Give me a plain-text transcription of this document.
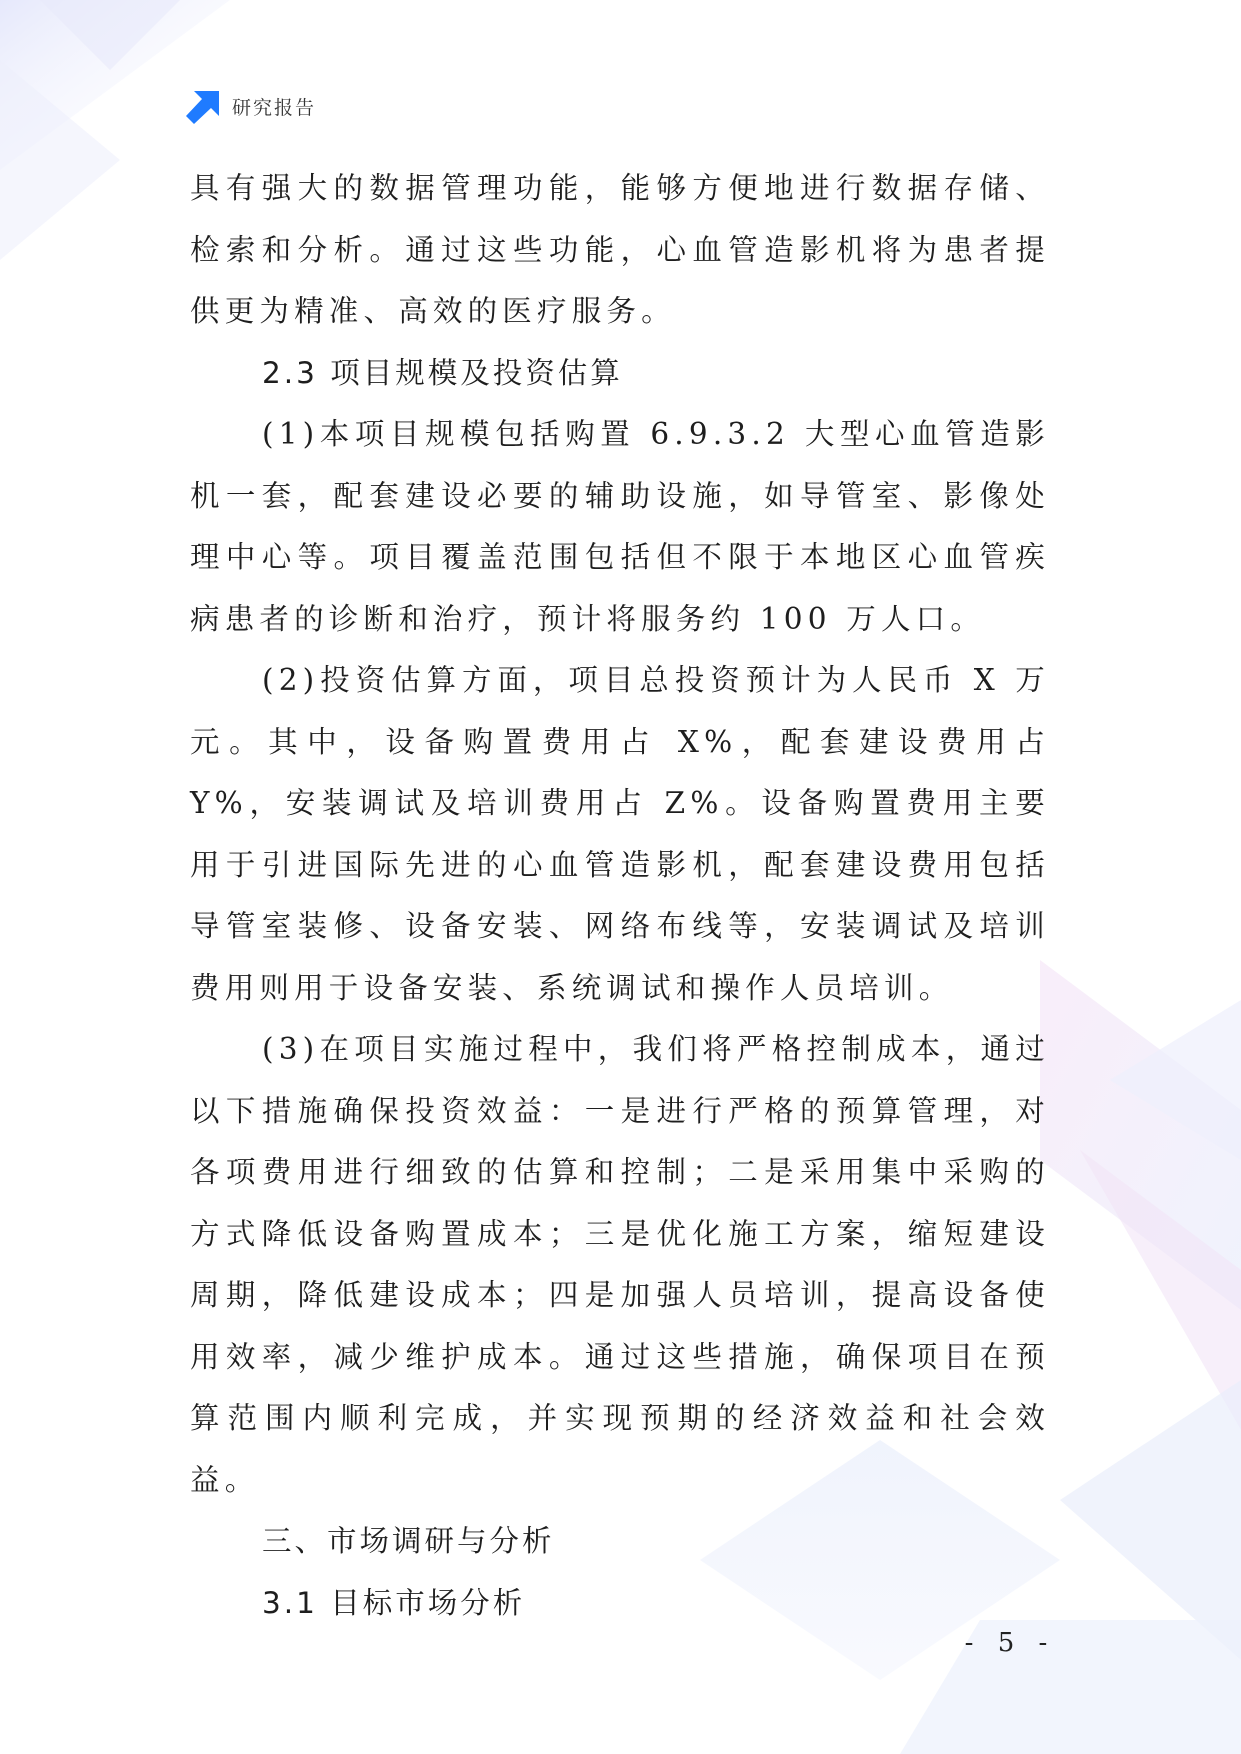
研究报告

具有强大的数据管理功能，能够方便地进行数据存储、检索和分析。通过这些功能，心血管造影机将为患者提供更为精准、高效的医疗服务。

2.3 项目规模及投资估算

(1)本项目规模包括购置 6.9.3.2 大型心血管造影机一套，配套建设必要的辅助设施，如导管室、影像处理中心等。项目覆盖范围包括但不限于本地区心血管疾病患者的诊断和治疗，预计将服务约 100 万人口。

(2)投资估算方面，项目总投资预计为人民币 X 万元。其中，设备购置费用占 X%，配套建设费用占 Y%，安装调试及培训费用占 Z%。设备购置费用主要用于引进国际先进的心血管造影机，配套建设费用包括导管室装修、设备安装、网络布线等，安装调试及培训费用则用于设备安装、系统调试和操作人员培训。

(3)在项目实施过程中，我们将严格控制成本，通过以下措施确保投资效益：一是进行严格的预算管理，对各项费用进行细致的估算和控制；二是采用集中采购的方式降低设备购置成本；三是优化施工方案，缩短建设周期，降低建设成本；四是加强人员培训，提高设备使用效率，减少维护成本。通过这些措施，确保项目在预算范围内顺利完成，并实现预期的经济效益和社会效益。

三、市场调研与分析
3.1 目标市场分析
- 5 -
